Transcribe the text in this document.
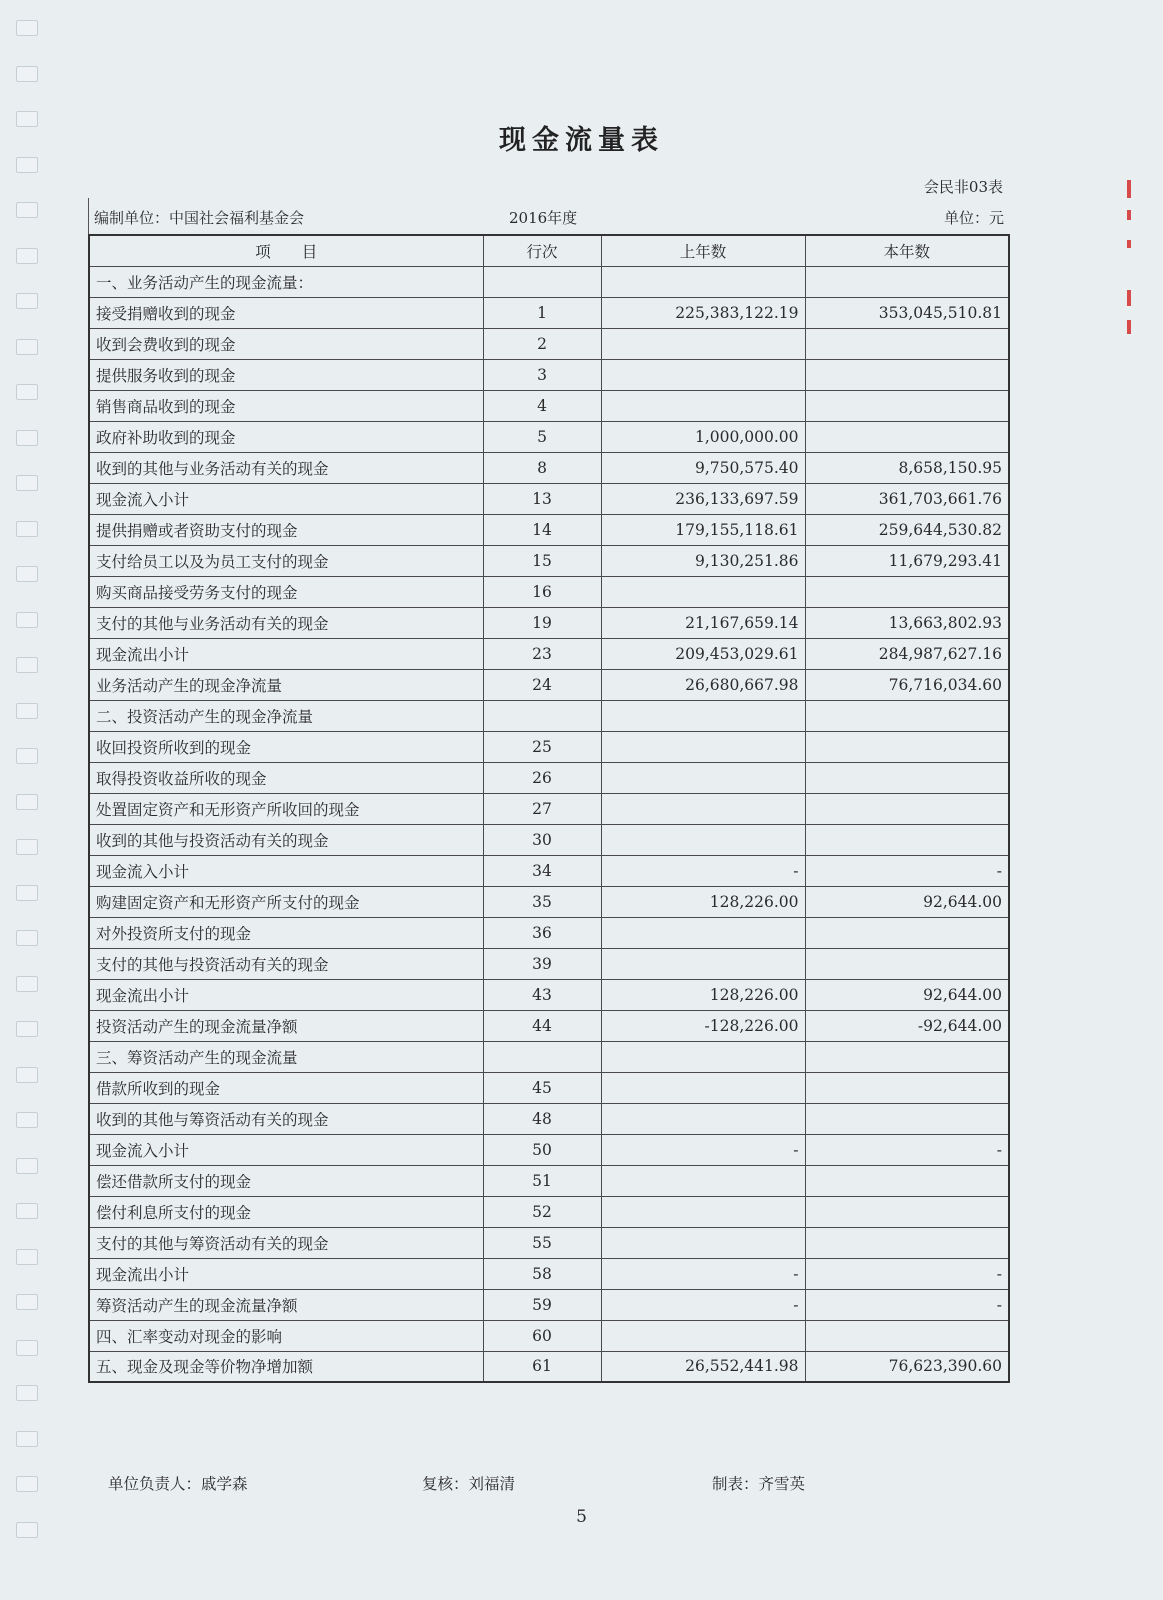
现金流量表
会民非03表
编制单位：中国社会福利基金会	2016年度	单位：元
项　　目	行次	上年数	本年数
一、业务活动产生的现金流量：			
接受捐赠收到的现金	1	225,383,122.19	353,045,510.81
收到会费收到的现金	2		
提供服务收到的现金	3		
销售商品收到的现金	4		
政府补助收到的现金	5	1,000,000.00	
收到的其他与业务活动有关的现金	8	9,750,575.40	8,658,150.95
现金流入小计	13	236,133,697.59	361,703,661.76
提供捐赠或者资助支付的现金	14	179,155,118.61	259,644,530.82
支付给员工以及为员工支付的现金	15	9,130,251.86	11,679,293.41
购买商品接受劳务支付的现金	16		
支付的其他与业务活动有关的现金	19	21,167,659.14	13,663,802.93
现金流出小计	23	209,453,029.61	284,987,627.16
业务活动产生的现金净流量	24	26,680,667.98	76,716,034.60
二、投资活动产生的现金净流量			
收回投资所收到的现金	25		
取得投资收益所收的现金	26		
处置固定资产和无形资产所收回的现金	27		
收到的其他与投资活动有关的现金	30		
现金流入小计	34	-	-
购建固定资产和无形资产所支付的现金	35	128,226.00	92,644.00
对外投资所支付的现金	36		
支付的其他与投资活动有关的现金	39		
现金流出小计	43	128,226.00	92,644.00
投资活动产生的现金流量净额	44	-128,226.00	-92,644.00
三、筹资活动产生的现金流量			
借款所收到的现金	45		
收到的其他与筹资活动有关的现金	48		
现金流入小计	50	-	-
偿还借款所支付的现金	51		
偿付利息所支付的现金	52		
支付的其他与筹资活动有关的现金	55		
现金流出小计	58	-	-
筹资活动产生的现金流量净额	59	-	-
四、汇率变动对现金的影响	60		
五、现金及现金等价物净增加额	61	26,552,441.98	76,623,390.60
单位负责人：戚学森	复核：刘福清	制表：齐雪英
5
